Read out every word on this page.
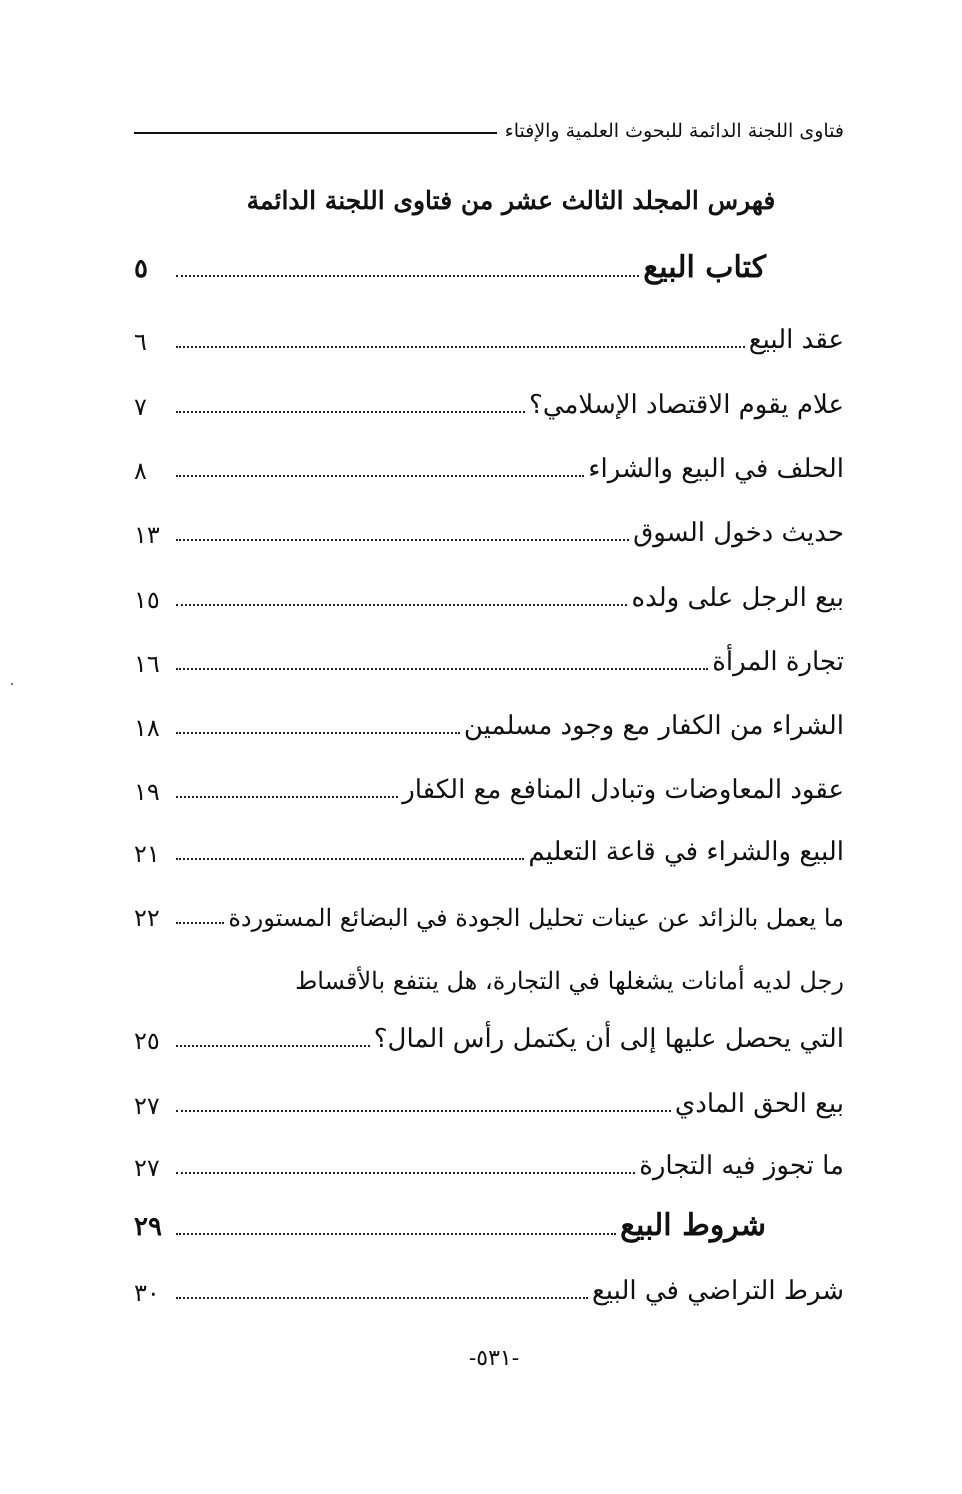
فتاوى اللجنة الدائمة للبحوث العلمية والإفتاء
فهرس المجلد الثالث عشر من فتاوى اللجنة الدائمة
كتاب البيع
٥
عقد البيع
٦
علام يقوم الاقتصاد الإسلامي؟
٧
الحلف في البيع والشراء
٨
حديث دخول السوق
١٣
بيع الرجل على ولده
١٥
تجارة المرأة
١٦
الشراء من الكفار مع وجود مسلمين
١٨
عقود المعاوضات وتبادل المنافع مع الكفار
١٩
البيع والشراء في قاعة التعليم
٢١
ما يعمل بالزائد عن عينات تحليل الجودة في البضائع المستوردة
٢٢
رجل لديه أمانات يشغلها في التجارة، هل ينتفع بالأقساط
التي يحصل عليها إلى أن يكتمل رأس المال؟
٢٥
بيع الحق المادي
٢٧
ما تجوز فيه التجارة
٢٧
شروط البيع
٢٩
شرط التراضي في البيع
٣٠
-٥٣١-
